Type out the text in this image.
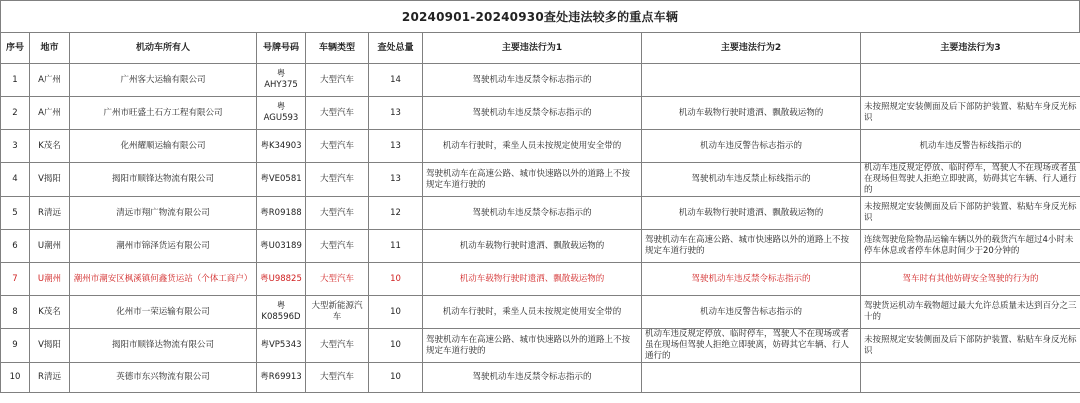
20240901-20240930查处违法较多的重点车辆
序号	地市	机动车所有人	号牌号码	车辆类型	查处总量	主要违法行为1	主要违法行为2	主要违法行为3
1	A广州	广州客大运输有限公司	粤AHY375	大型汽车	14	驾驶机动车违反禁令标志指示的		
2	A广州	广州市旺盛土石方工程有限公司	粤AGU593	大型汽车	13	驾驶机动车违反禁令标志指示的	机动车载物行驶时遗洒、飘散载运物的	未按照规定安装侧面及后下部防护装置、粘贴车身反光标识
3	K茂名	化州耀顺运输有限公司	粤K34903	大型汽车	13	机动车行驶时，乘坐人员未按规定使用安全带的	机动车违反警告标志指示的	机动车违反警告标线指示的
4	V揭阳	揭阳市顺锋达物流有限公司	粤VE0581	大型汽车	13	驾驶机动车在高速公路、城市快速路以外的道路上不按规定车道行驶的	驾驶机动车违反禁止标线指示的	机动车违反规定停放、临时停车，驾驶人不在现场或者虽在现场但驾驶人拒绝立即驶离，妨碍其它车辆、行人通行的
5	R清远	清远市翔广物流有限公司	粤R09188	大型汽车	12	驾驶机动车违反禁令标志指示的	机动车载物行驶时遗洒、飘散载运物的	未按照规定安装侧面及后下部防护装置、粘贴车身反光标识
6	U潮州	潮州市锦泽货运有限公司	粤U03189	大型汽车	11	机动车载物行驶时遗洒、飘散载运物的	驾驶机动车在高速公路、城市快速路以外的道路上不按规定车道行驶的	连续驾驶危险物品运输车辆以外的载货汽车超过4小时未停车休息或者停车休息时间少于20分钟的
7	U潮州	潮州市潮安区枫溪镇何鑫货运站（个体工商户）	粤U98825	大型汽车	10	机动车载物行驶时遗洒、飘散载运物的	驾驶机动车违反禁令标志指示的	驾车时有其他妨碍安全驾驶的行为的
8	K茂名	化州市一荣运输有限公司	粤K08596D	大型新能源汽车	10	机动车行驶时，乘坐人员未按规定使用安全带的	机动车违反警告标志指示的	驾驶货运机动车载物超过最大允许总质量未达到百分之三十的
9	V揭阳	揭阳市顺锋达物流有限公司	粤VP5343	大型汽车	10	驾驶机动车在高速公路、城市快速路以外的道路上不按规定车道行驶的	机动车违反规定停放、临时停车，驾驶人不在现场或者虽在现场但驾驶人拒绝立即驶离，妨碍其它车辆、行人通行的	未按照规定安装侧面及后下部防护装置、粘贴车身反光标识
10	R清远	英德市东兴物流有限公司	粤R69913	大型汽车	10	驾驶机动车违反禁令标志指示的		
